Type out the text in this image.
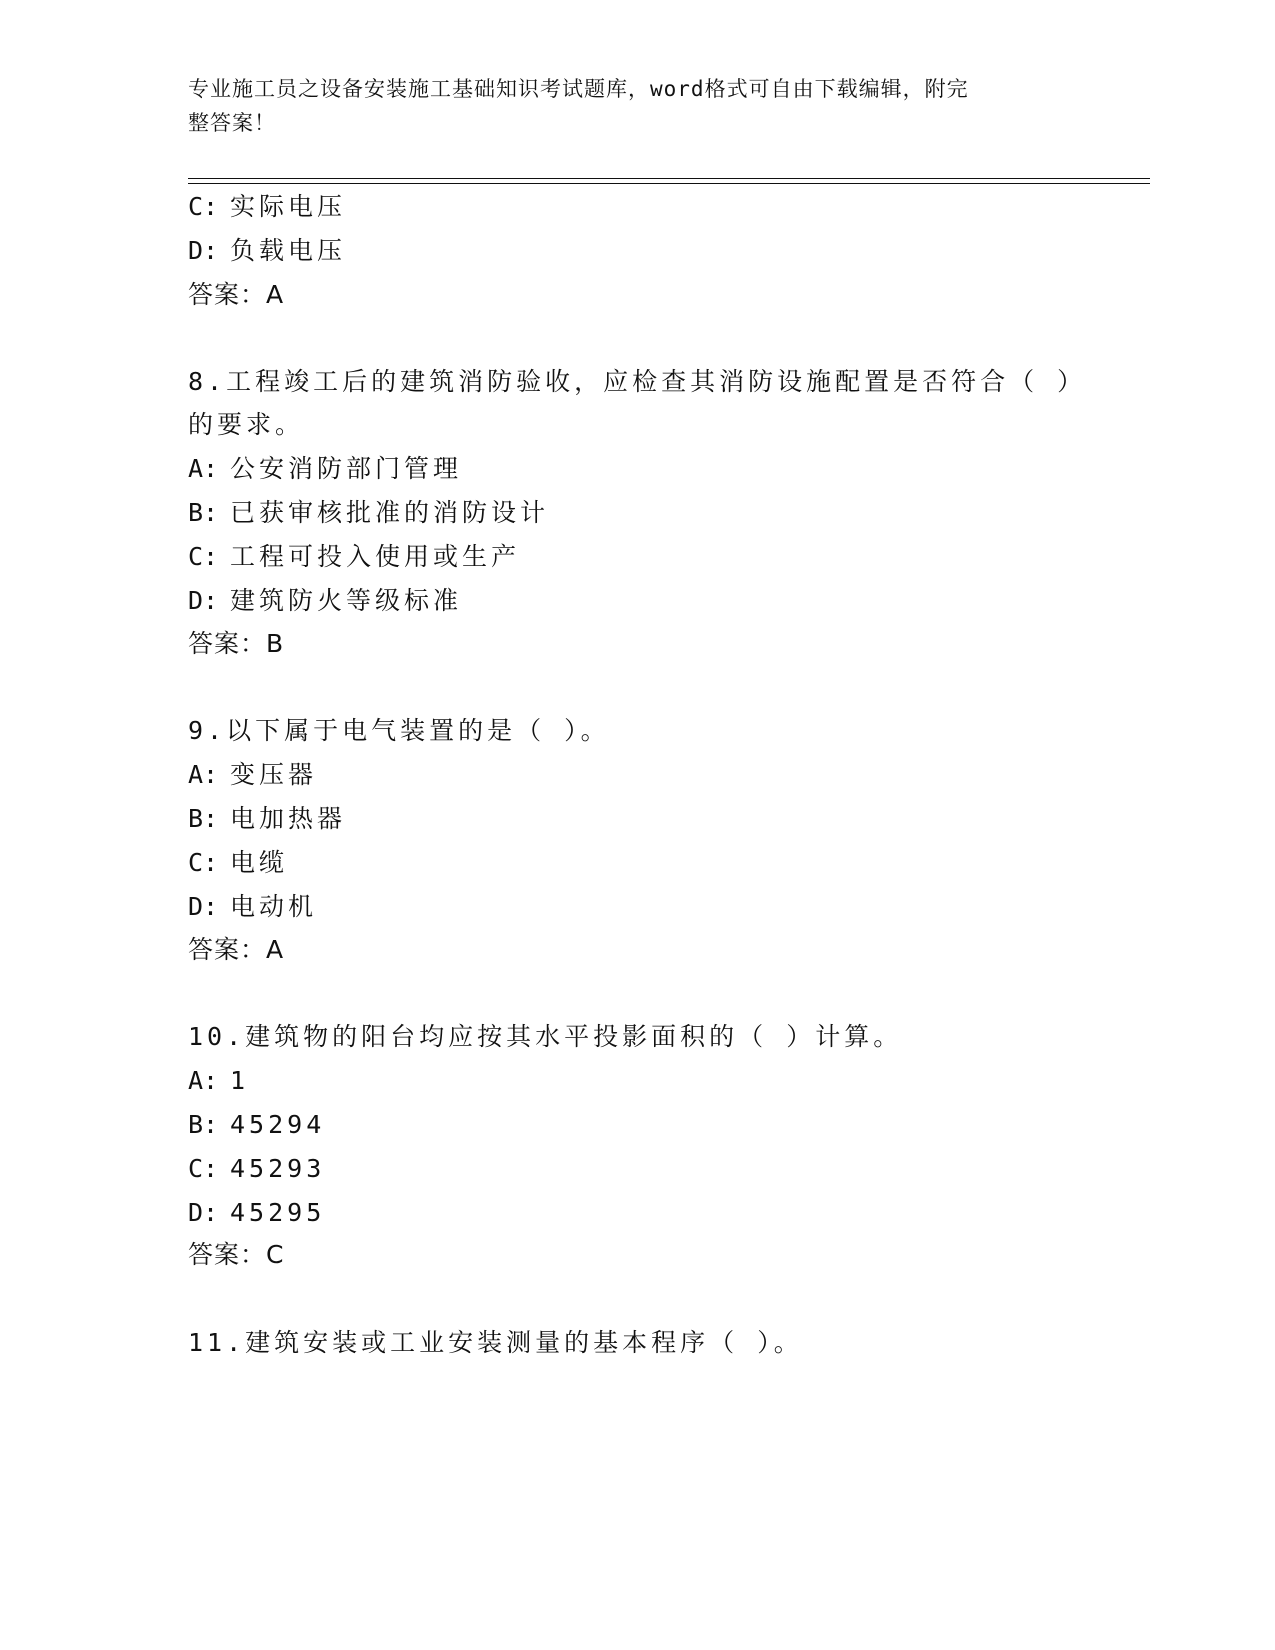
专业施工员之设备安装施工基础知识考试题库，word格式可自由下载编辑，附完
整答案！
C: 实际电压
D: 负载电压
答案：A
8.工程竣工后的建筑消防验收，应检查其消防设施配置是否符合（ ）
的要求。
A: 公安消防部门管理
B: 已获审核批准的消防设计
C: 工程可投入使用或生产
D: 建筑防火等级标准
答案：B
9.以下属于电气装置的是（ ）。
A: 变压器
B: 电加热器
C: 电缆
D: 电动机
答案：A
10.建筑物的阳台均应按其水平投影面积的（ ）计算。
A: 1
B: 45294
C: 45293
D: 45295
答案：C
11.建筑安装或工业安装测量的基本程序（ ）。
